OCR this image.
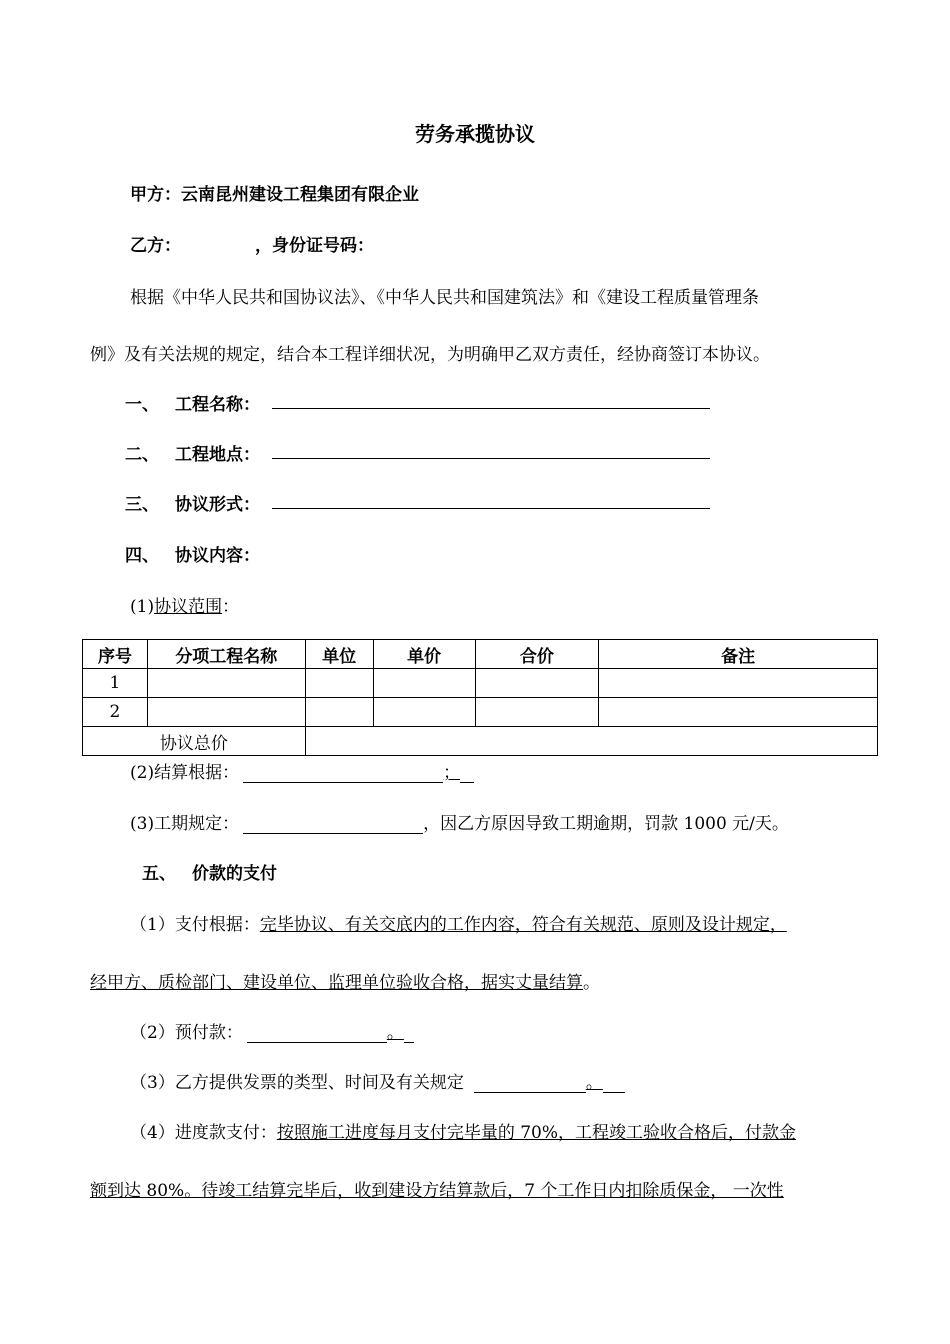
劳务承揽协议
甲方：云南昆州建设工程集团有限企业
乙方：	，身份证号码：
根据《中华人民共和国协议法》、《中华人民共和国建筑法》和《建设工程质量管理条
例》及有关法规的规定，结合本工程详细状况，为明确甲乙双方责任，经协商签订本协议。
一、 工程名称：
二、 工程地点：
三、 协议形式：
四、 协议内容：
(1)协议范围：
序号	分项工程名称	单位	单价	合价	备注
1					
2					
协议总价					
(2)结算根据：	；
(3)工期规定：	，因乙方原因导致工期逾期，罚款 1000 元/天。
五、 价款的支付
（1）支付根据：完毕协议、有关交底内的工作内容，符合有关规范、原则及设计规定，
经甲方、质检部门、建设单位、监理单位验收合格，据实丈量结算。
（2）预付款：	。
（3）乙方提供发票的类型、时间及有关规定	。
（4）进度款支付：按照施工进度每月支付完毕量的 70%，工程竣工验收合格后，付款金
额到达 80%。待竣工结算完毕后，收到建设方结算款后，7 个工作日内扣除质保金， 一次性
